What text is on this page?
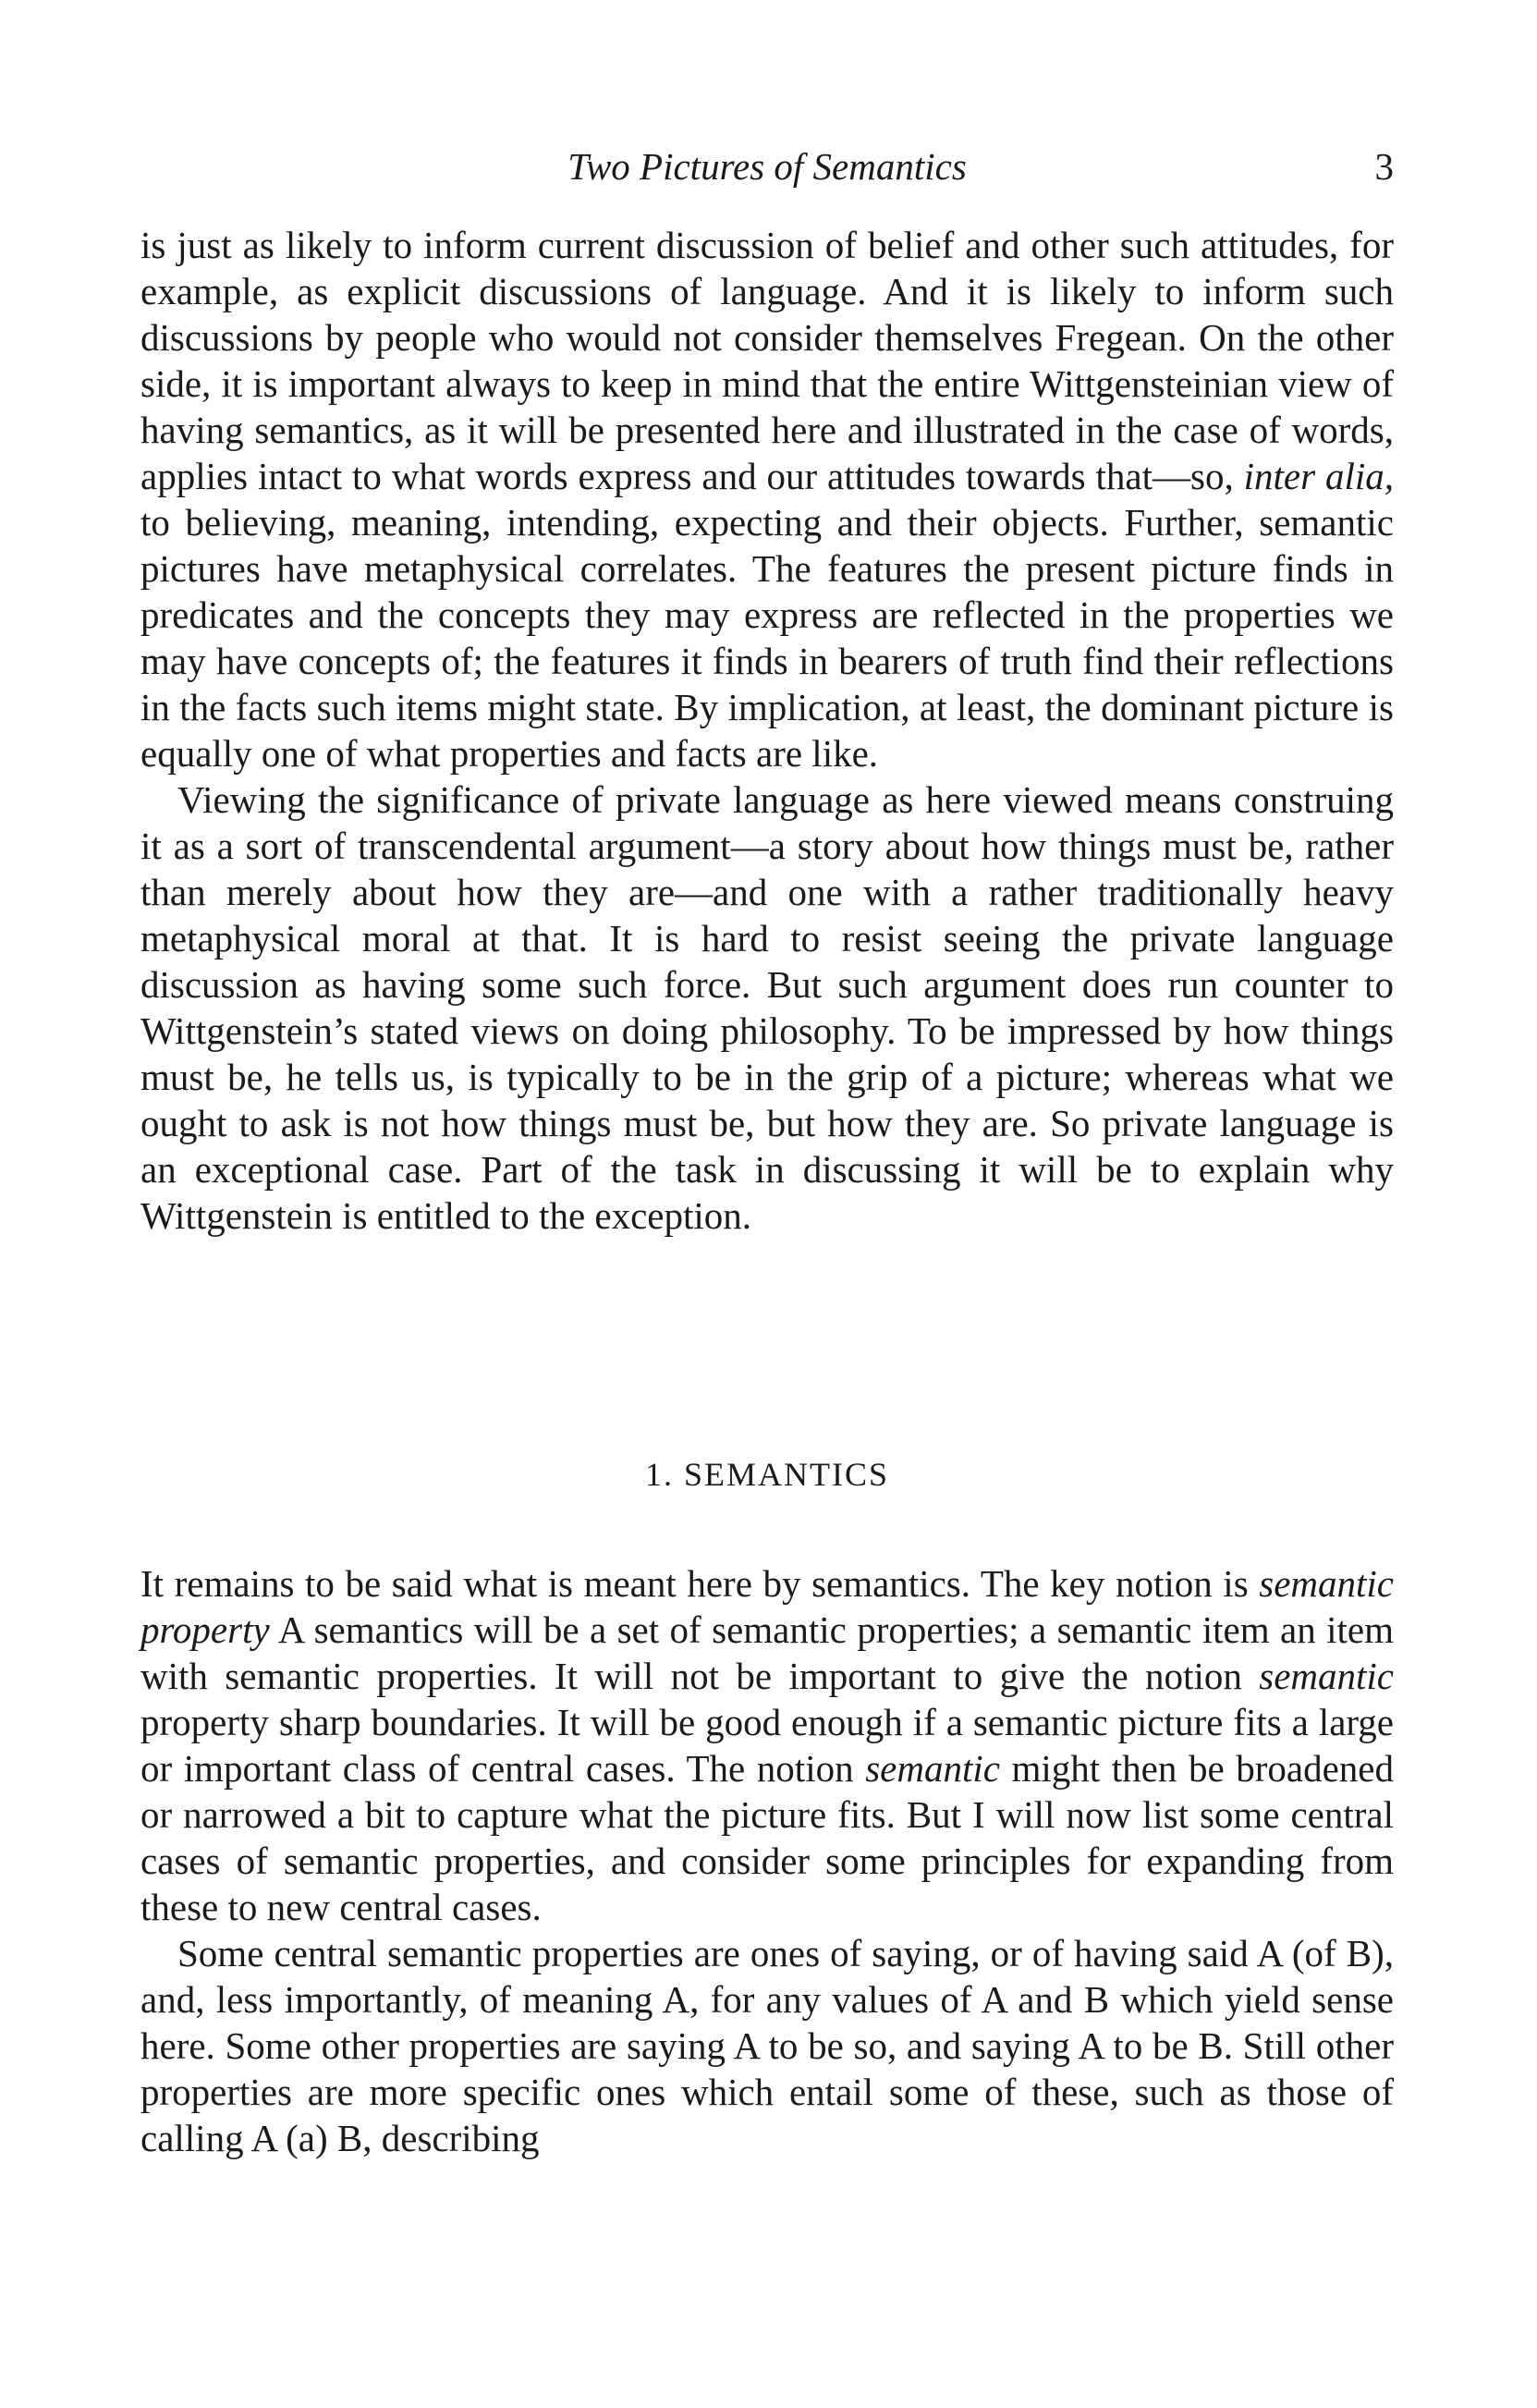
Two Pictures of Semantics	3

is just as likely to inform current discussion of belief and other such attitudes, for example, as explicit discussions of language. And it is likely to inform such discussions by people who would not consider themselves Fregean. On the other side, it is important always to keep in mind that the entire Wittgensteinian view of having semantics, as it will be presented here and illustrated in the case of words, applies intact to what words express and our attitudes towards that—so, inter alia, to believing, meaning, intending, expecting and their objects. Further, semantic pictures have metaphysical correlates. The features the present picture finds in predicates and the concepts they may express are reflected in the properties we may have concepts of; the features it finds in bearers of truth find their reflections in the facts such items might state. By implication, at least, the dominant picture is equally one of what properties and facts are like.

Viewing the significance of private language as here viewed means construing it as a sort of transcendental argument—a story about how things must be, rather than merely about how they are—and one with a rather traditionally heavy metaphysical moral at that. It is hard to resist seeing the private language discussion as having some such force. But such argument does run counter to Wittgenstein’s stated views on doing philosophy. To be impressed by how things must be, he tells us, is typically to be in the grip of a picture; whereas what we ought to ask is not how things must be, but how they are. So private language is an exceptional case. Part of the task in discussing it will be to explain why Wittgenstein is entitled to the exception.

1. SEMANTICS

It remains to be said what is meant here by semantics. The key notion is semantic property A semantics will be a set of semantic properties; a semantic item an item with semantic properties. It will not be important to give the notion semantic property sharp boundaries. It will be good enough if a semantic picture fits a large or important class of central cases. The notion semantic might then be broadened or narrowed a bit to capture what the picture fits. But I will now list some central cases of semantic properties, and consider some principles for expanding from these to new central cases.

Some central semantic properties are ones of saying, or of having said A (of B), and, less importantly, of meaning A, for any values of A and B which yield sense here. Some other properties are saying A to be so, and saying A to be B. Still other properties are more specific ones which entail some of these, such as those of calling A (a) B, describing
